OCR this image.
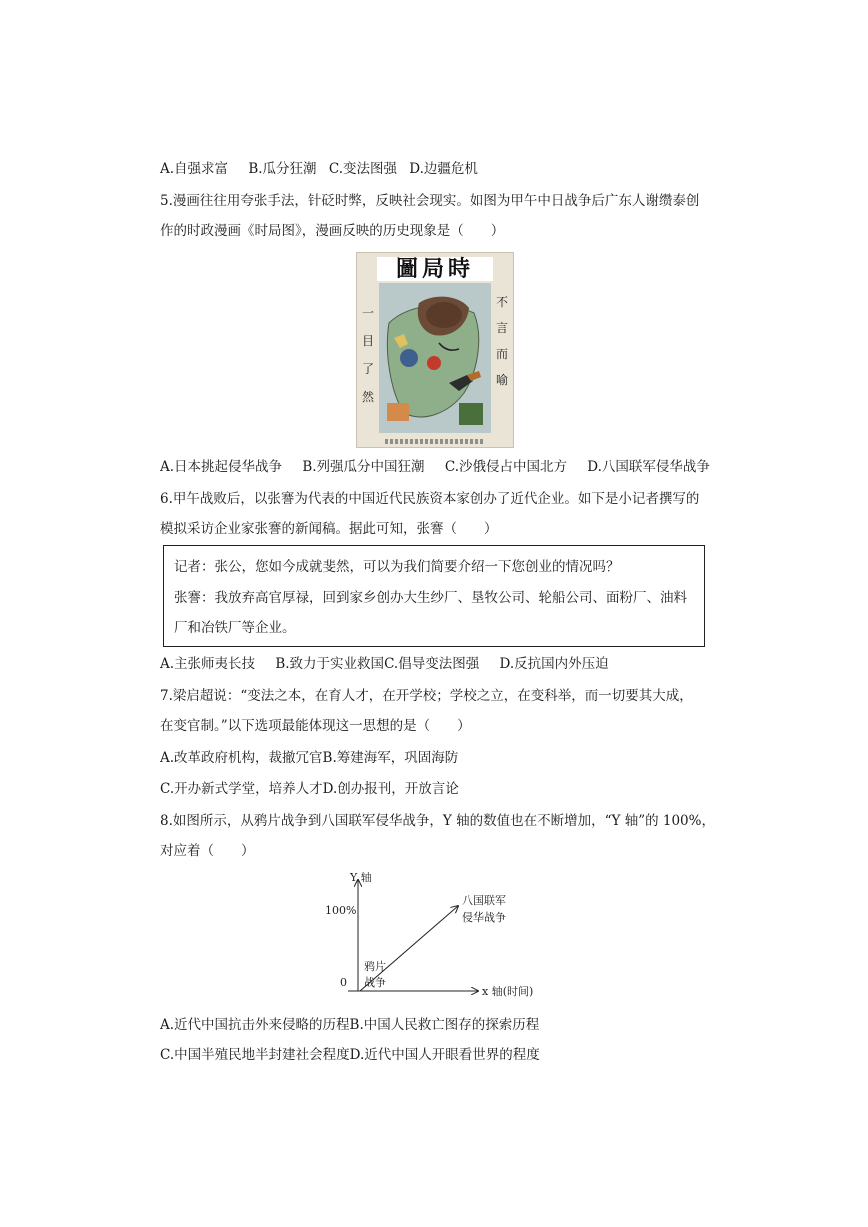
A.自强求富 B.瓜分狂潮 C.变法图强 D.边疆危机
5.漫画往往用夸张手法，针砭时弊，反映社会现实。如图为甲午中日战争后广东人谢缵泰创
作的时政漫画《时局图》，漫画反映的历史现象是（　　）
圖局時
一目了然
不言而喻
A.日本挑起侵华战争 B.列强瓜分中国狂潮 C.沙俄侵占中国北方 D.八国联军侵华战争
6.甲午战败后，以张謇为代表的中国近代民族资本家创办了近代企业。如下是小记者撰写的
模拟采访企业家张謇的新闻稿。据此可知，张謇（　　）
记者：张公，您如今成就斐然，可以为我们简要介绍一下您创业的情况吗？
张謇：我放弃高官厚禄，回到家乡创办大生纱厂、垦牧公司、轮船公司、面粉厂、油料
厂和冶铁厂等企业。
A.主张师夷长技 B.致力于实业救国C.倡导变法图强 D.反抗国内外压迫
7.梁启超说：“变法之本，在育人才，在开学校；学校之立，在变科举，而一切要其大成，
在变官制。”以下选项最能体现这一思想的是（　　）
A.改革政府机构，裁撤冗官B.筹建海军，巩固海防
C.开办新式学堂，培养人才D.创办报刊，开放言论
8.如图所示，从鸦片战争到八国联军侵华战争，Y 轴的数值也在不断增加，“Y 轴”的 100%，
对应着（　　）
Y 轴
x 轴(时间)
100%
0
鸦片
战争
八国联军
侵华战争
A.近代中国抗击外来侵略的历程B.中国人民救亡图存的探索历程
C.中国半殖民地半封建社会程度D.近代中国人开眼看世界的程度
